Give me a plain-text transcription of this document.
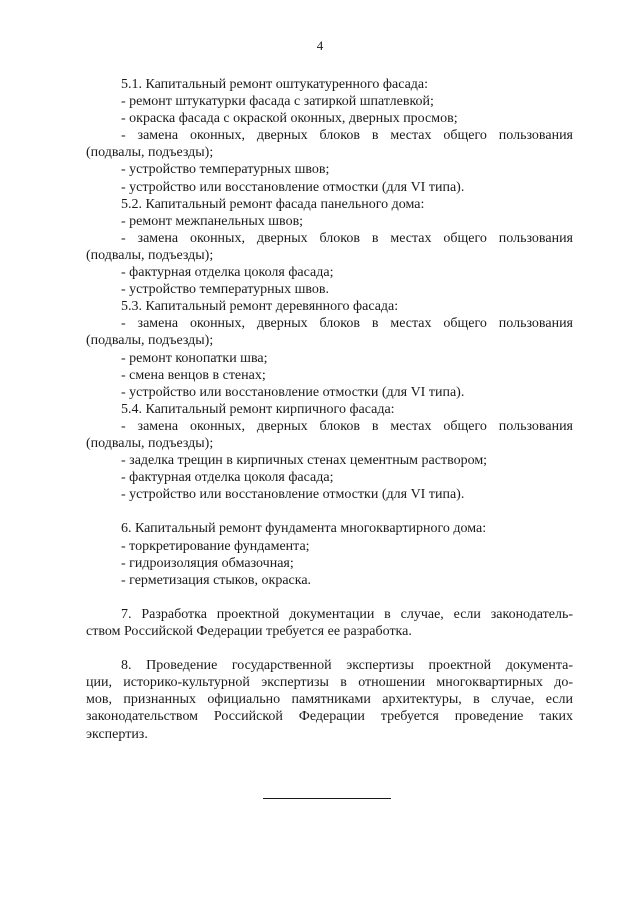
4

5.1. Капитальный ремонт оштукатуренного фасада:

- ремонт штукатурки фасада с затиркой шпатлевкой;

- окраска фасада с окраской оконных, дверных просмов;

- замена оконных, дверных блоков в местах общего пользования

(подвалы, подъезды);

- устройство температурных швов;

- устройство или восстановление отмостки (для VI типа).

5.2. Капитальный ремонт фасада панельного дома:

- ремонт межпанельных швов;

- замена оконных, дверных блоков в местах общего пользования

(подвалы, подъезды);

- фактурная отделка цоколя фасада;

- устройство температурных швов.

5.3. Капитальный ремонт деревянного фасада:

- замена оконных, дверных блоков в местах общего пользования

(подвалы, подъезды);

- ремонт конопатки шва;

- смена венцов в стенах;

- устройство или восстановление отмостки (для VI типа).

5.4. Капитальный ремонт кирпичного фасада:

- замена оконных, дверных блоков в местах общего пользования

(подвалы, подъезды);

- заделка трещин в кирпичных стенах цементным раствором;

- фактурная отделка цоколя фасада;

- устройство или восстановление отмостки (для VI типа).

6. Капитальный ремонт фундамента многоквартирного дома:

- торкретирование фундамента;

- гидроизоляция обмазочная;

- герметизация стыков, окраска.

7. Разработка проектной документации в случае, если законодатель-

ством Российской Федерации требуется ее разработка.

8. Проведение государственной экспертизы проектной документа-

ции, историко-культурной экспертизы в отношении многоквартирных до-

мов, признанных официально памятниками архитектуры, в случае, если

законодательством Российской Федерации требуется проведение таких

экспертиз.
